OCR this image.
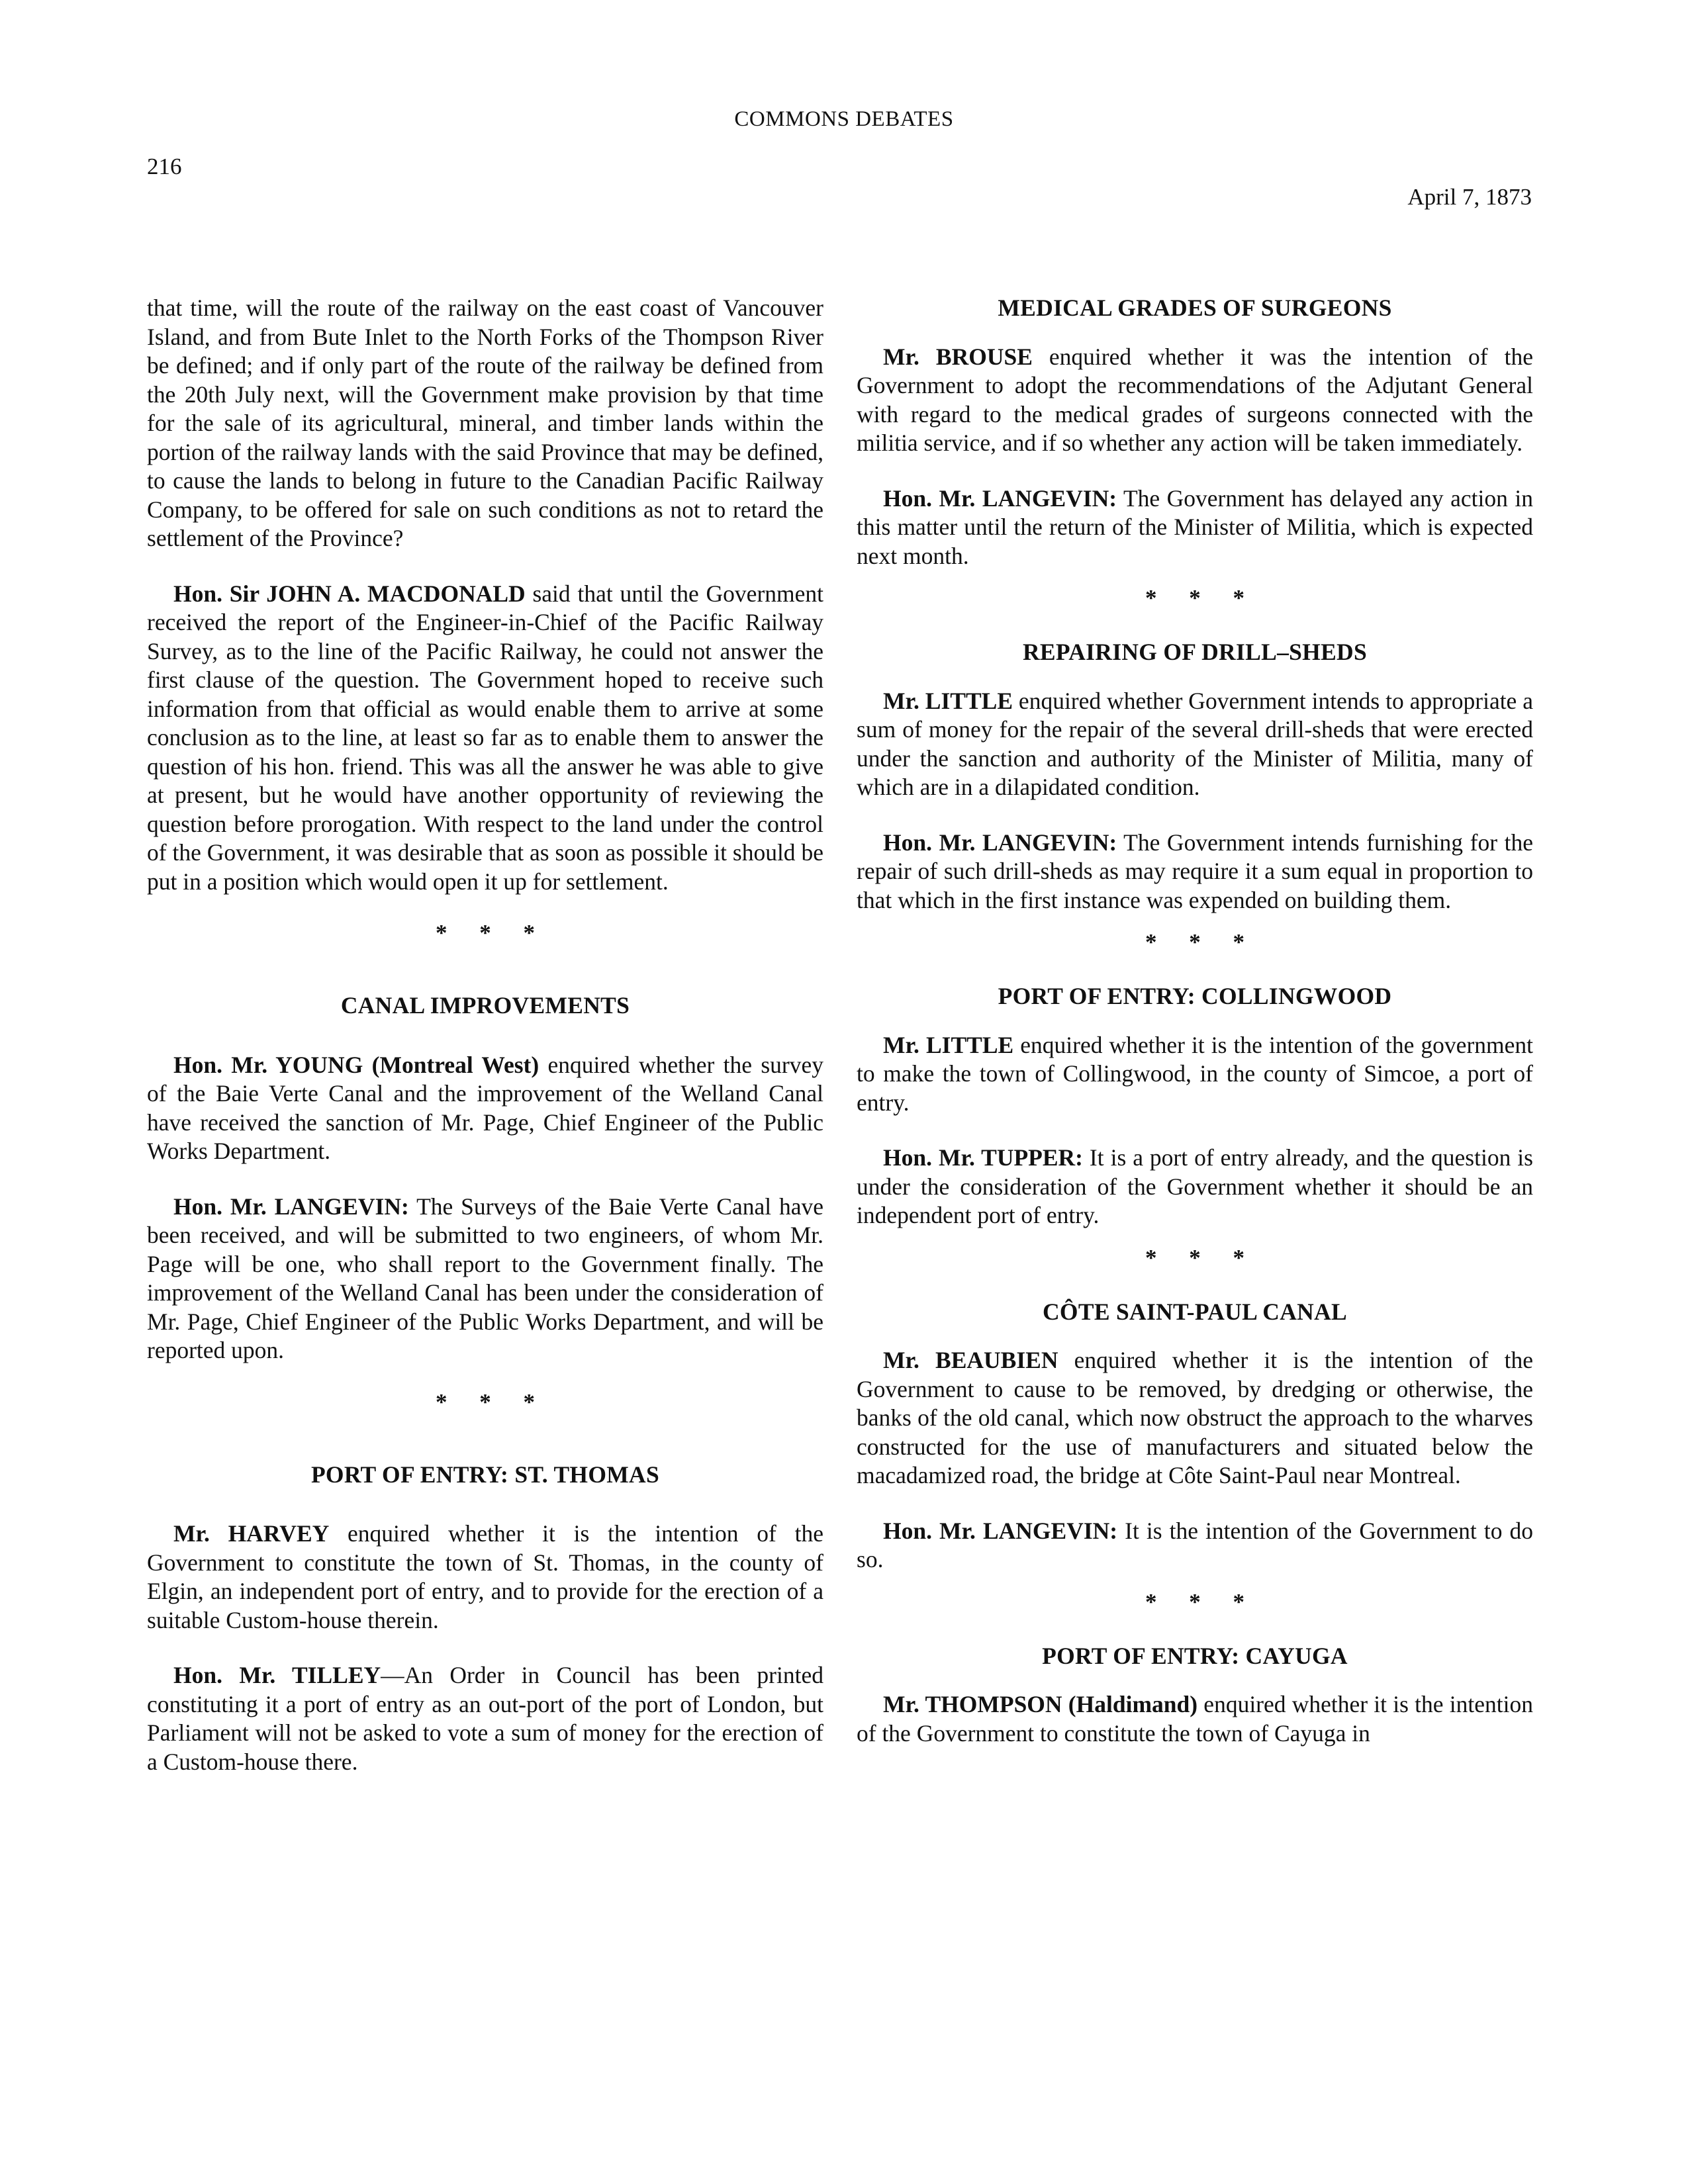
COMMONS DEBATES
216
April 7, 1873

that time, will the route of the railway on the east coast of Vancouver Island, and from Bute Inlet to the North Forks of the Thompson River be defined; and if only part of the route of the railway be defined from the 20th July next, will the Government make provision by that time for the sale of its agricultural, mineral, and timber lands within the portion of the railway lands with the said Province that may be defined, to cause the lands to belong in future to the Canadian Pacific Railway Company, to be offered for sale on such conditions as not to retard the settlement of the Province?

Hon. Sir JOHN A. MACDONALD said that until the Government received the report of the Engineer-in-Chief of the Pacific Railway Survey, as to the line of the Pacific Railway, he could not answer the first clause of the question. The Government hoped to receive such information from that official as would enable them to arrive at some conclusion as to the line, at least so far as to enable them to answer the question of his hon. friend. This was all the answer he was able to give at present, but he would have another opportunity of reviewing the question before prorogation. With respect to the land under the control of the Government, it was desirable that as soon as possible it should be put in a position which would open it up for settlement.

* * *
CANAL IMPROVEMENTS

Hon. Mr. YOUNG (Montreal West) enquired whether the survey of the Baie Verte Canal and the improvement of the Welland Canal have received the sanction of Mr. Page, Chief Engineer of the Public Works Department.

Hon. Mr. LANGEVIN: The Surveys of the Baie Verte Canal have been received, and will be submitted to two engineers, of whom Mr. Page will be one, who shall report to the Government finally. The improvement of the Welland Canal has been under the consideration of Mr. Page, Chief Engineer of the Public Works Department, and will be reported upon.

* * *
PORT OF ENTRY: ST. THOMAS

Mr. HARVEY enquired whether it is the intention of the Government to constitute the town of St. Thomas, in the county of Elgin, an independent port of entry, and to provide for the erection of a suitable Custom-house therein.

Hon. Mr. TILLEY—An Order in Council has been printed constituting it a port of entry as an out-port of the port of London, but Parliament will not be asked to vote a sum of money for the erection of a Custom-house there.

MEDICAL GRADES OF SURGEONS

Mr. BROUSE enquired whether it was the intention of the Government to adopt the recommendations of the Adjutant General with regard to the medical grades of surgeons connected with the militia service, and if so whether any action will be taken immediately.

Hon. Mr. LANGEVIN: The Government has delayed any action in this matter until the return of the Minister of Militia, which is expected next month.

* * *
REPAIRING OF DRILL–SHEDS

Mr. LITTLE enquired whether Government intends to appropriate a sum of money for the repair of the several drill-sheds that were erected under the sanction and authority of the Minister of Militia, many of which are in a dilapidated condition.

Hon. Mr. LANGEVIN: The Government intends furnishing for the repair of such drill-sheds as may require it a sum equal in proportion to that which in the first instance was expended on building them.

* * *
PORT OF ENTRY: COLLINGWOOD

Mr. LITTLE enquired whether it is the intention of the government to make the town of Collingwood, in the county of Simcoe, a port of entry.

Hon. Mr. TUPPER: It is a port of entry already, and the question is under the consideration of the Government whether it should be an independent port of entry.

* * *
CÔTE SAINT-PAUL CANAL

Mr. BEAUBIEN enquired whether it is the intention of the Government to cause to be removed, by dredging or otherwise, the banks of the old canal, which now obstruct the approach to the wharves constructed for the use of manufacturers and situated below the macadamized road, the bridge at Côte Saint-Paul near Montreal.

Hon. Mr. LANGEVIN: It is the intention of the Government to do so.

* * *
PORT OF ENTRY: CAYUGA

Mr. THOMPSON (Haldimand) enquired whether it is the intention of the Government to constitute the town of Cayuga in
